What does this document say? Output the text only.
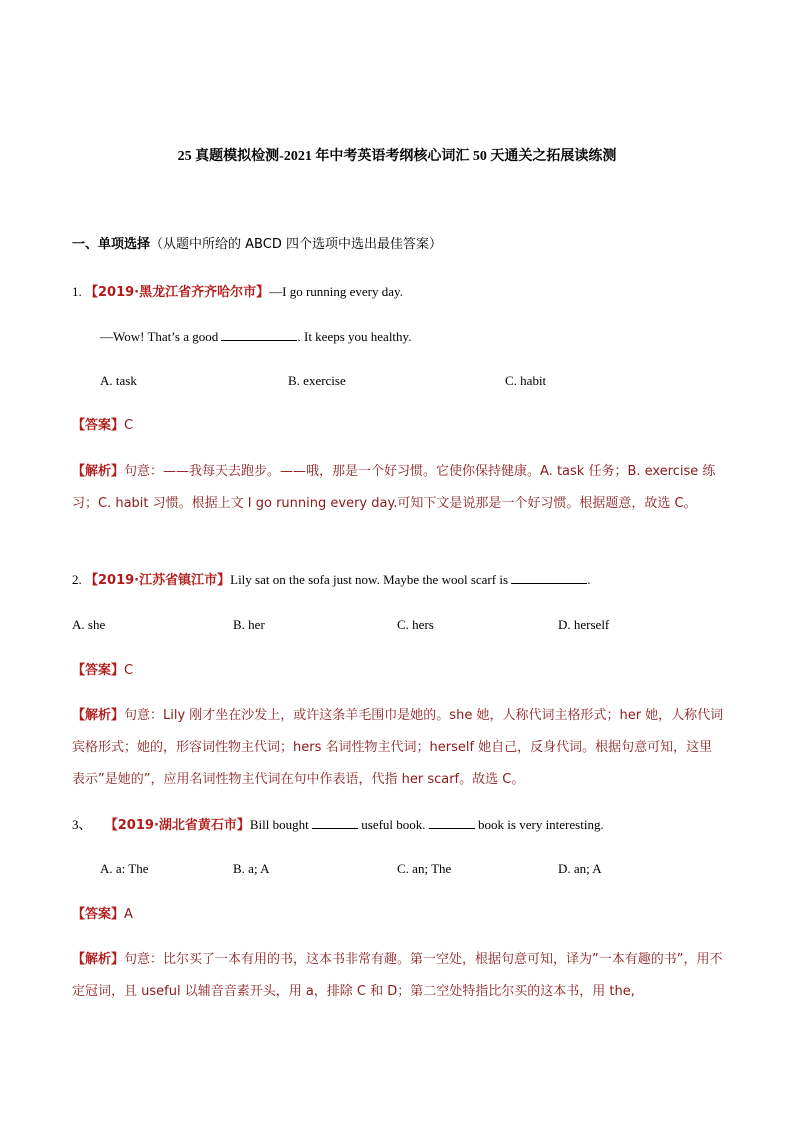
25 真题模拟检测-2021 年中考英语考纲核心词汇 50 天通关之拓展读练测
一、单项选择（从题中所给的 ABCD 四个选项中选出最佳答案）
1. 【2019·黑龙江省齐齐哈尔市】—I go running every day.
—Wow! That’s a good	. It keeps you healthy.
A. task	B. exercise	C. habit
【答案】C
【解析】句意：——我每天去跑步。——哦，那是一个好习惯。它使你保持健康。A. task 任务；B. exercise 练习；C. habit 习惯。根据上文 I go running every day.可知下文是说那是一个好习惯。根据题意，故选 C。
2. 【2019·江苏省镇江市】Lily sat on the sofa just now. Maybe the wool scarf is	.
A. she	B. her	C. hers	D. herself
【答案】C
【解析】句意：Lily 刚才坐在沙发上，或许这条羊毛围巾是她的。she 她，人称代词主格形式；her 她，人称代词宾格形式；她的，形容词性物主代词；hers 名词性物主代词；herself 她自己，反身代词。根据句意可知，这里表示”是她的”，应用名词性物主代词在句中作表语，代指 her scarf。故选 C。
3、 【2019·湖北省黄石市】Bill bought	useful book.	book is very interesting.
A. a: The	B. a; A	C. an; The	D. an; A
【答案】A
【解析】句意：比尔买了一本有用的书，这本书非常有趣。第一空处，根据句意可知，译为”一本有趣的书”，用不定冠词，且 useful 以辅音音素开头，用 a，排除 C 和 D；第二空处特指比尔买的这本书，用 the,
